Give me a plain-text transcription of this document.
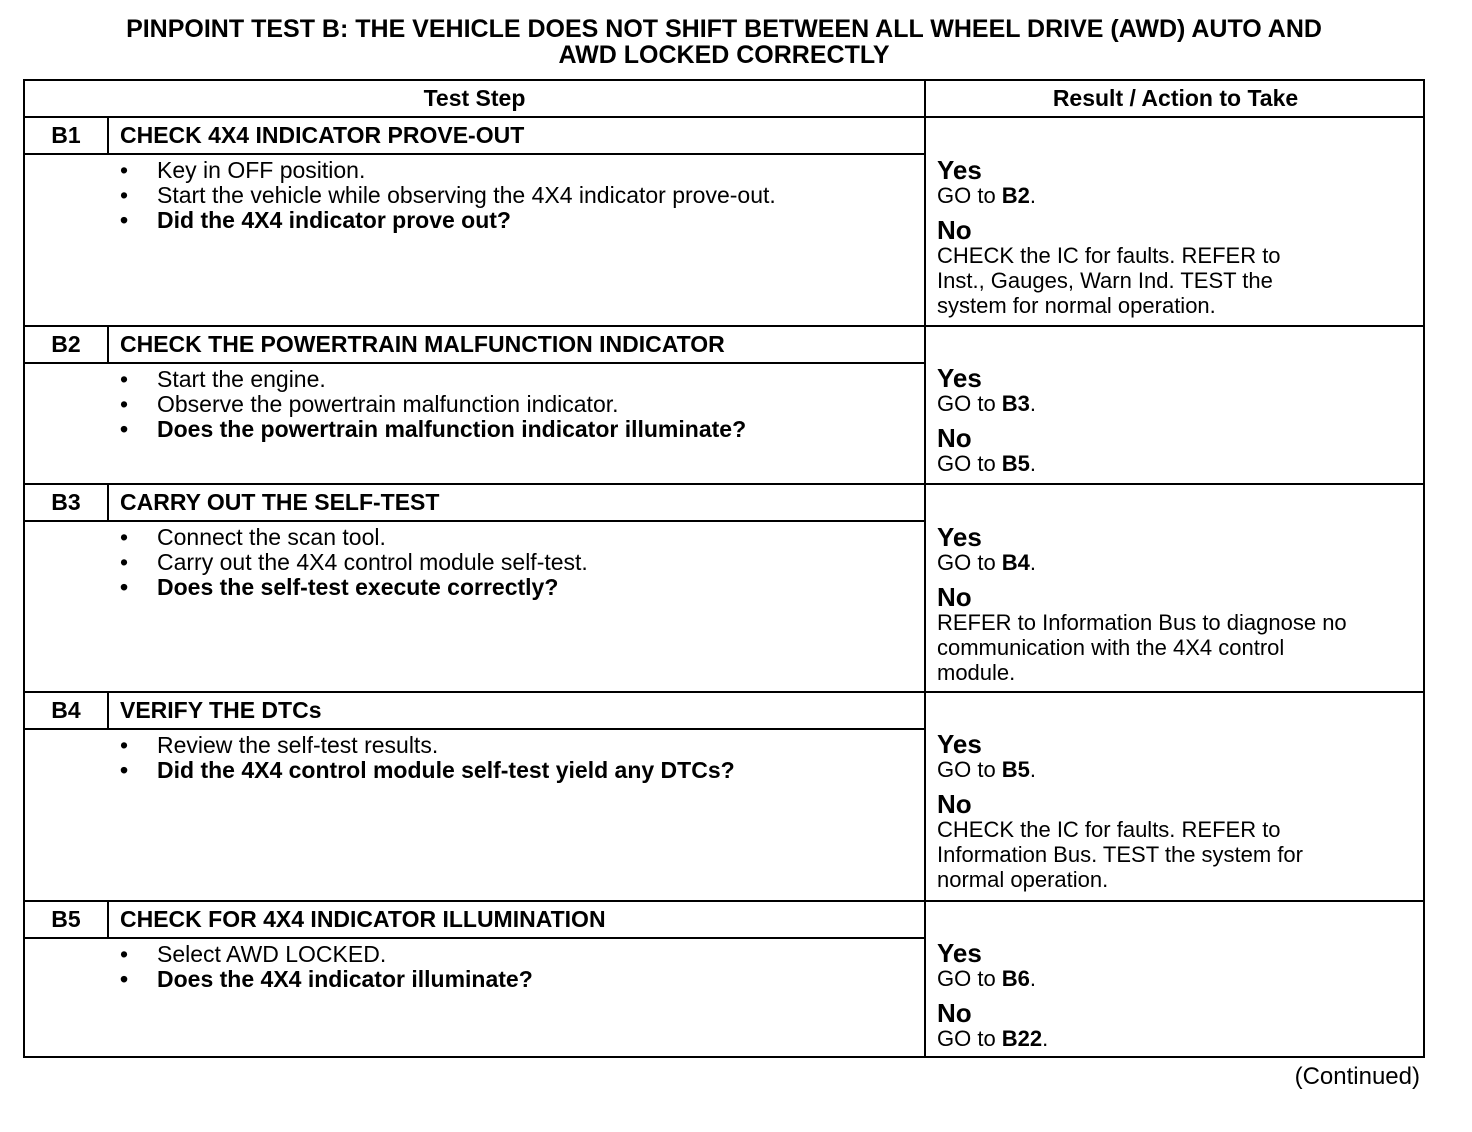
PINPOINT TEST B: THE VEHICLE DOES NOT SHIFT BETWEEN ALL WHEEL DRIVE (AWD) AUTO AND
AWD LOCKED CORRECTLY
Test Step	Result / Action to Take
B1	CHECK 4X4 INDICATOR PROVE-OUT
• Key in OFF position.
• Start the vehicle while observing the 4X4 indicator prove-out.
• Did the 4X4 indicator prove out?
Yes
GO to B2.
No
CHECK the IC for faults. REFER to
Inst., Gauges, Warn Ind. TEST the
system for normal operation.
B2	CHECK THE POWERTRAIN MALFUNCTION INDICATOR
• Start the engine.
• Observe the powertrain malfunction indicator.
• Does the powertrain malfunction indicator illuminate?
Yes
GO to B3.
No
GO to B5.
B3	CARRY OUT THE SELF-TEST
• Connect the scan tool.
• Carry out the 4X4 control module self-test.
• Does the self-test execute correctly?
Yes
GO to B4.
No
REFER to Information Bus to diagnose no
communication with the 4X4 control
module.
B4	VERIFY THE DTCs
• Review the self-test results.
• Did the 4X4 control module self-test yield any DTCs?
Yes
GO to B5.
No
CHECK the IC for faults. REFER to
Information Bus. TEST the system for
normal operation.
B5	CHECK FOR 4X4 INDICATOR ILLUMINATION
• Select AWD LOCKED.
• Does the 4X4 indicator illuminate?
Yes
GO to B6.
No
GO to B22.
(Continued)
